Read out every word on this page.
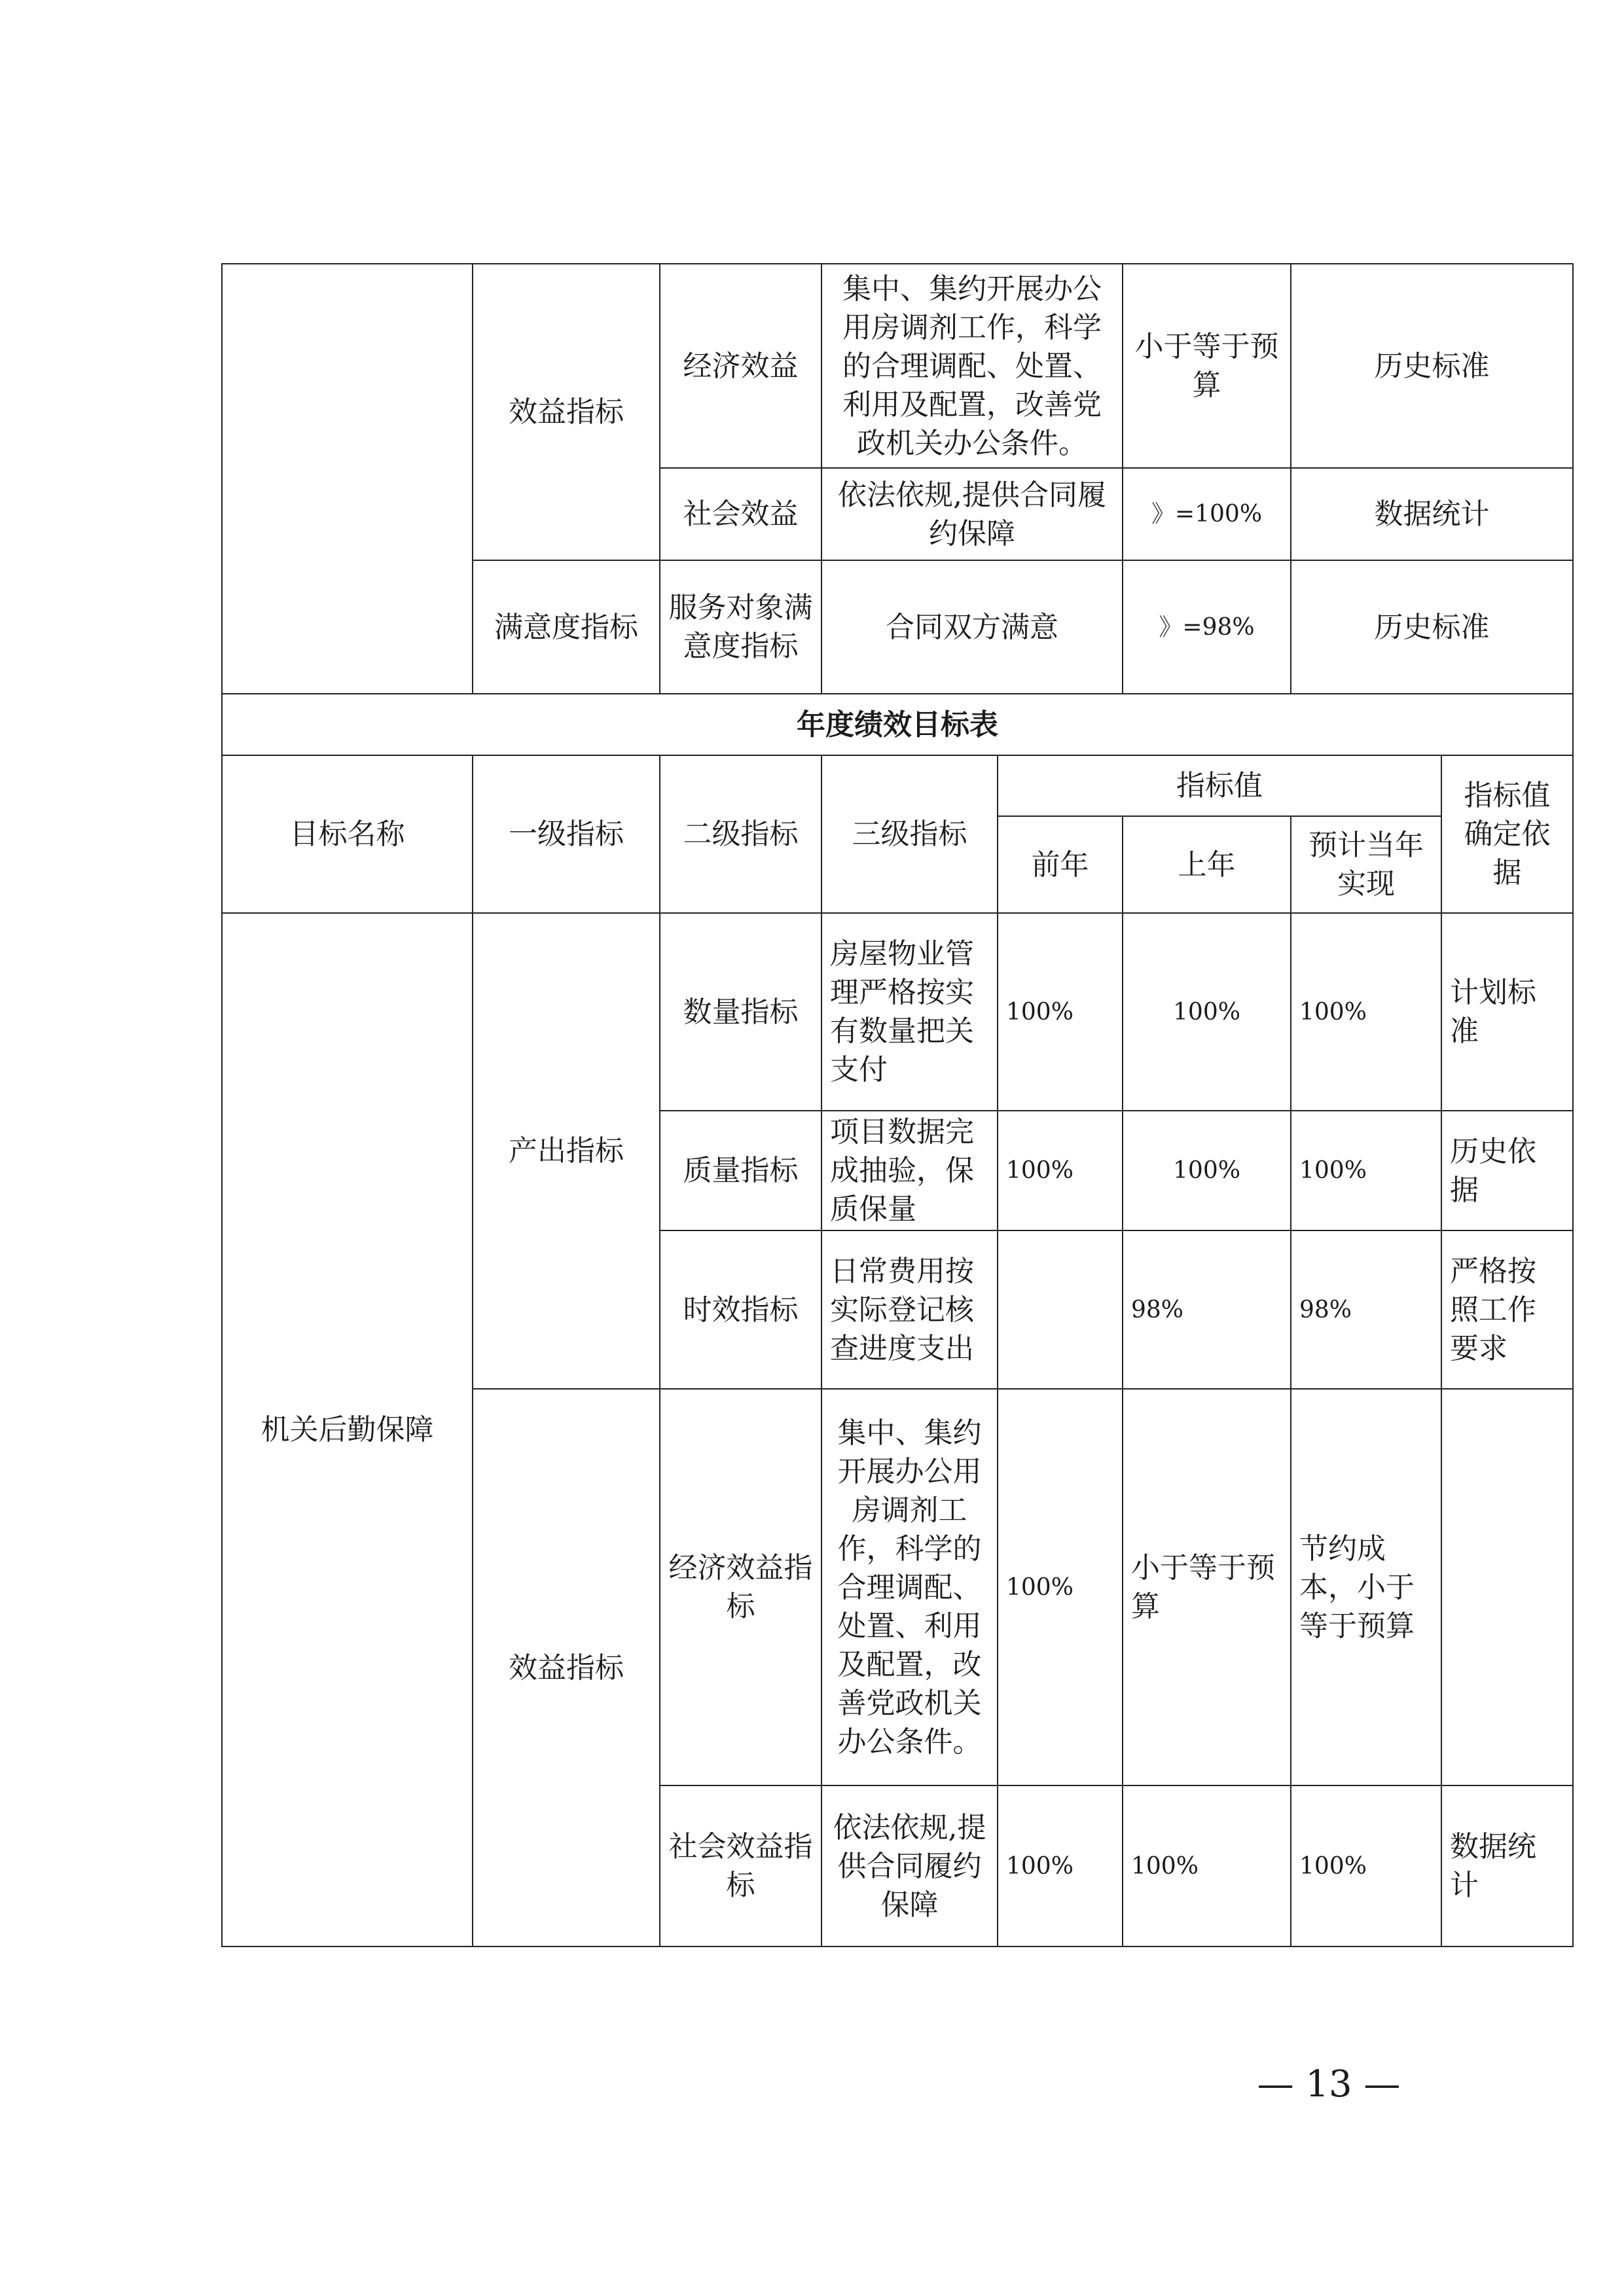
	效益指标	经济效益	集中、集约开展办公用房调剂工作，科学的合理调配、处置、利用及配置，改善党政机关办公条件。		小于等于预算	历史标准	
		社会效益	依法依规,提供合同履约保障		》=100%	数据统计	
	满意度指标	服务对象满意度指标	合同双方满意		》=98%	历史标准	
年度绩效目标表							
目标名称	一级指标	二级指标	三级指标	指标值			指标值确定依据
				前年	上年	预计当年实现	
机关后勤保障	产出指标	数量指标	房屋物业管理严格按实有数量把关支付	100%	100%	100%	计划标准
		质量指标	项目数据完成抽验，保质保量	100%	100%	100%	历史依据
		时效指标	日常费用按实际登记核查进度支出		98%	98%	严格按照工作要求
	效益指标	经济效益指标	集中、集约开展办公用房调剂工作，科学的合理调配、处置、利用及配置，改善党政机关办公条件。	100%	小于等于预算	节约成本，小于等于预算	
		社会效益指标	依法依规,提供合同履约保障	100%	100%	100%	数据统计
— 13 —
